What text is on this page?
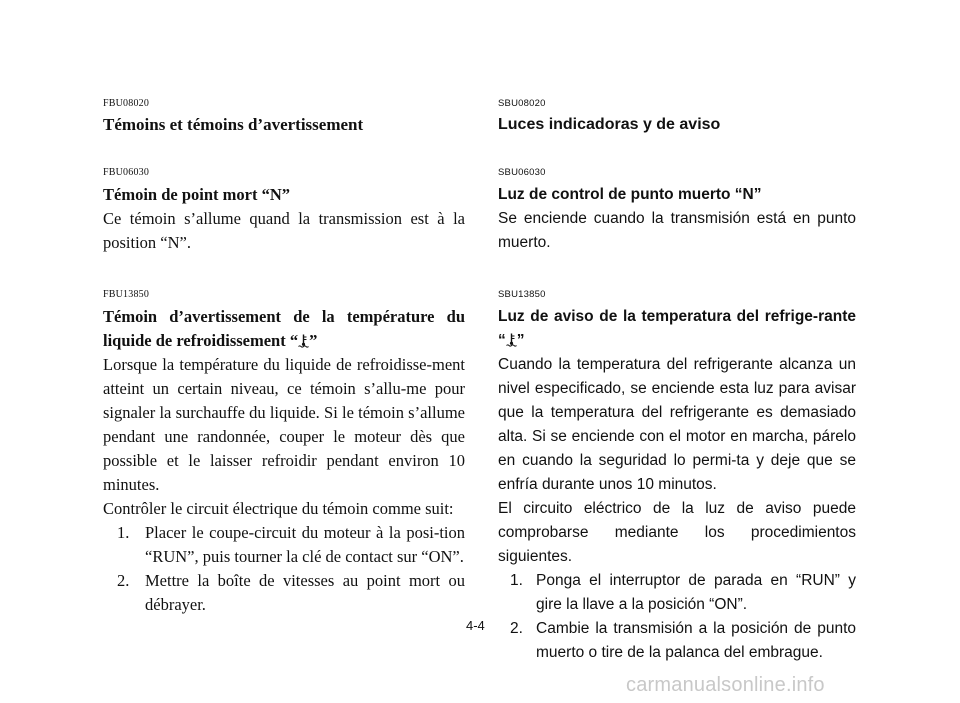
FBU08020
Témoins et témoins d’avertissement
FBU06030
Témoin de point mort “N”
Ce témoin s’allume quand la transmission est à la position “N”.
FBU13850
Témoin d’avertissement de la température du liquide de refroidissement “ ”
Lorsque la température du liquide de refroidisse-ment atteint un certain niveau, ce témoin s’allu-me pour signaler la surchauffe du liquide. Si le témoin s’allume pendant une randonnée, couper le moteur dès que possible et le laisser refroidir pendant environ 10 minutes.
Contrôler le circuit électrique du témoin comme suit:
1. Placer le coupe-circuit du moteur à la posi-tion “RUN”, puis tourner la clé de contact sur “ON”.
2. Mettre la boîte de vitesses au point mort ou débrayer.
SBU08020
Luces indicadoras y de aviso
SBU06030
Luz de control de punto muerto “N”
Se enciende cuando la transmisión está en punto muerto.
SBU13850
Luz de aviso de la temperatura del refrige-rante “ ”
Cuando la temperatura del refrigerante alcanza un nivel especificado, se enciende esta luz para avisar que la temperatura del refrigerante es demasiado alta. Si se enciende con el motor en marcha, párelo en cuando la seguridad lo permi-ta y deje que se enfría durante unos 10 minutos.
El circuito eléctrico de la luz de aviso puede comprobarse mediante los procedimientos siguientes.
1. Ponga el interruptor de parada en “RUN” y gire la llave a la posición “ON”.
2. Cambie la transmisión a la posición de punto muerto o tire de la palanca del embrague.
4-4
carmanualsonline.info
